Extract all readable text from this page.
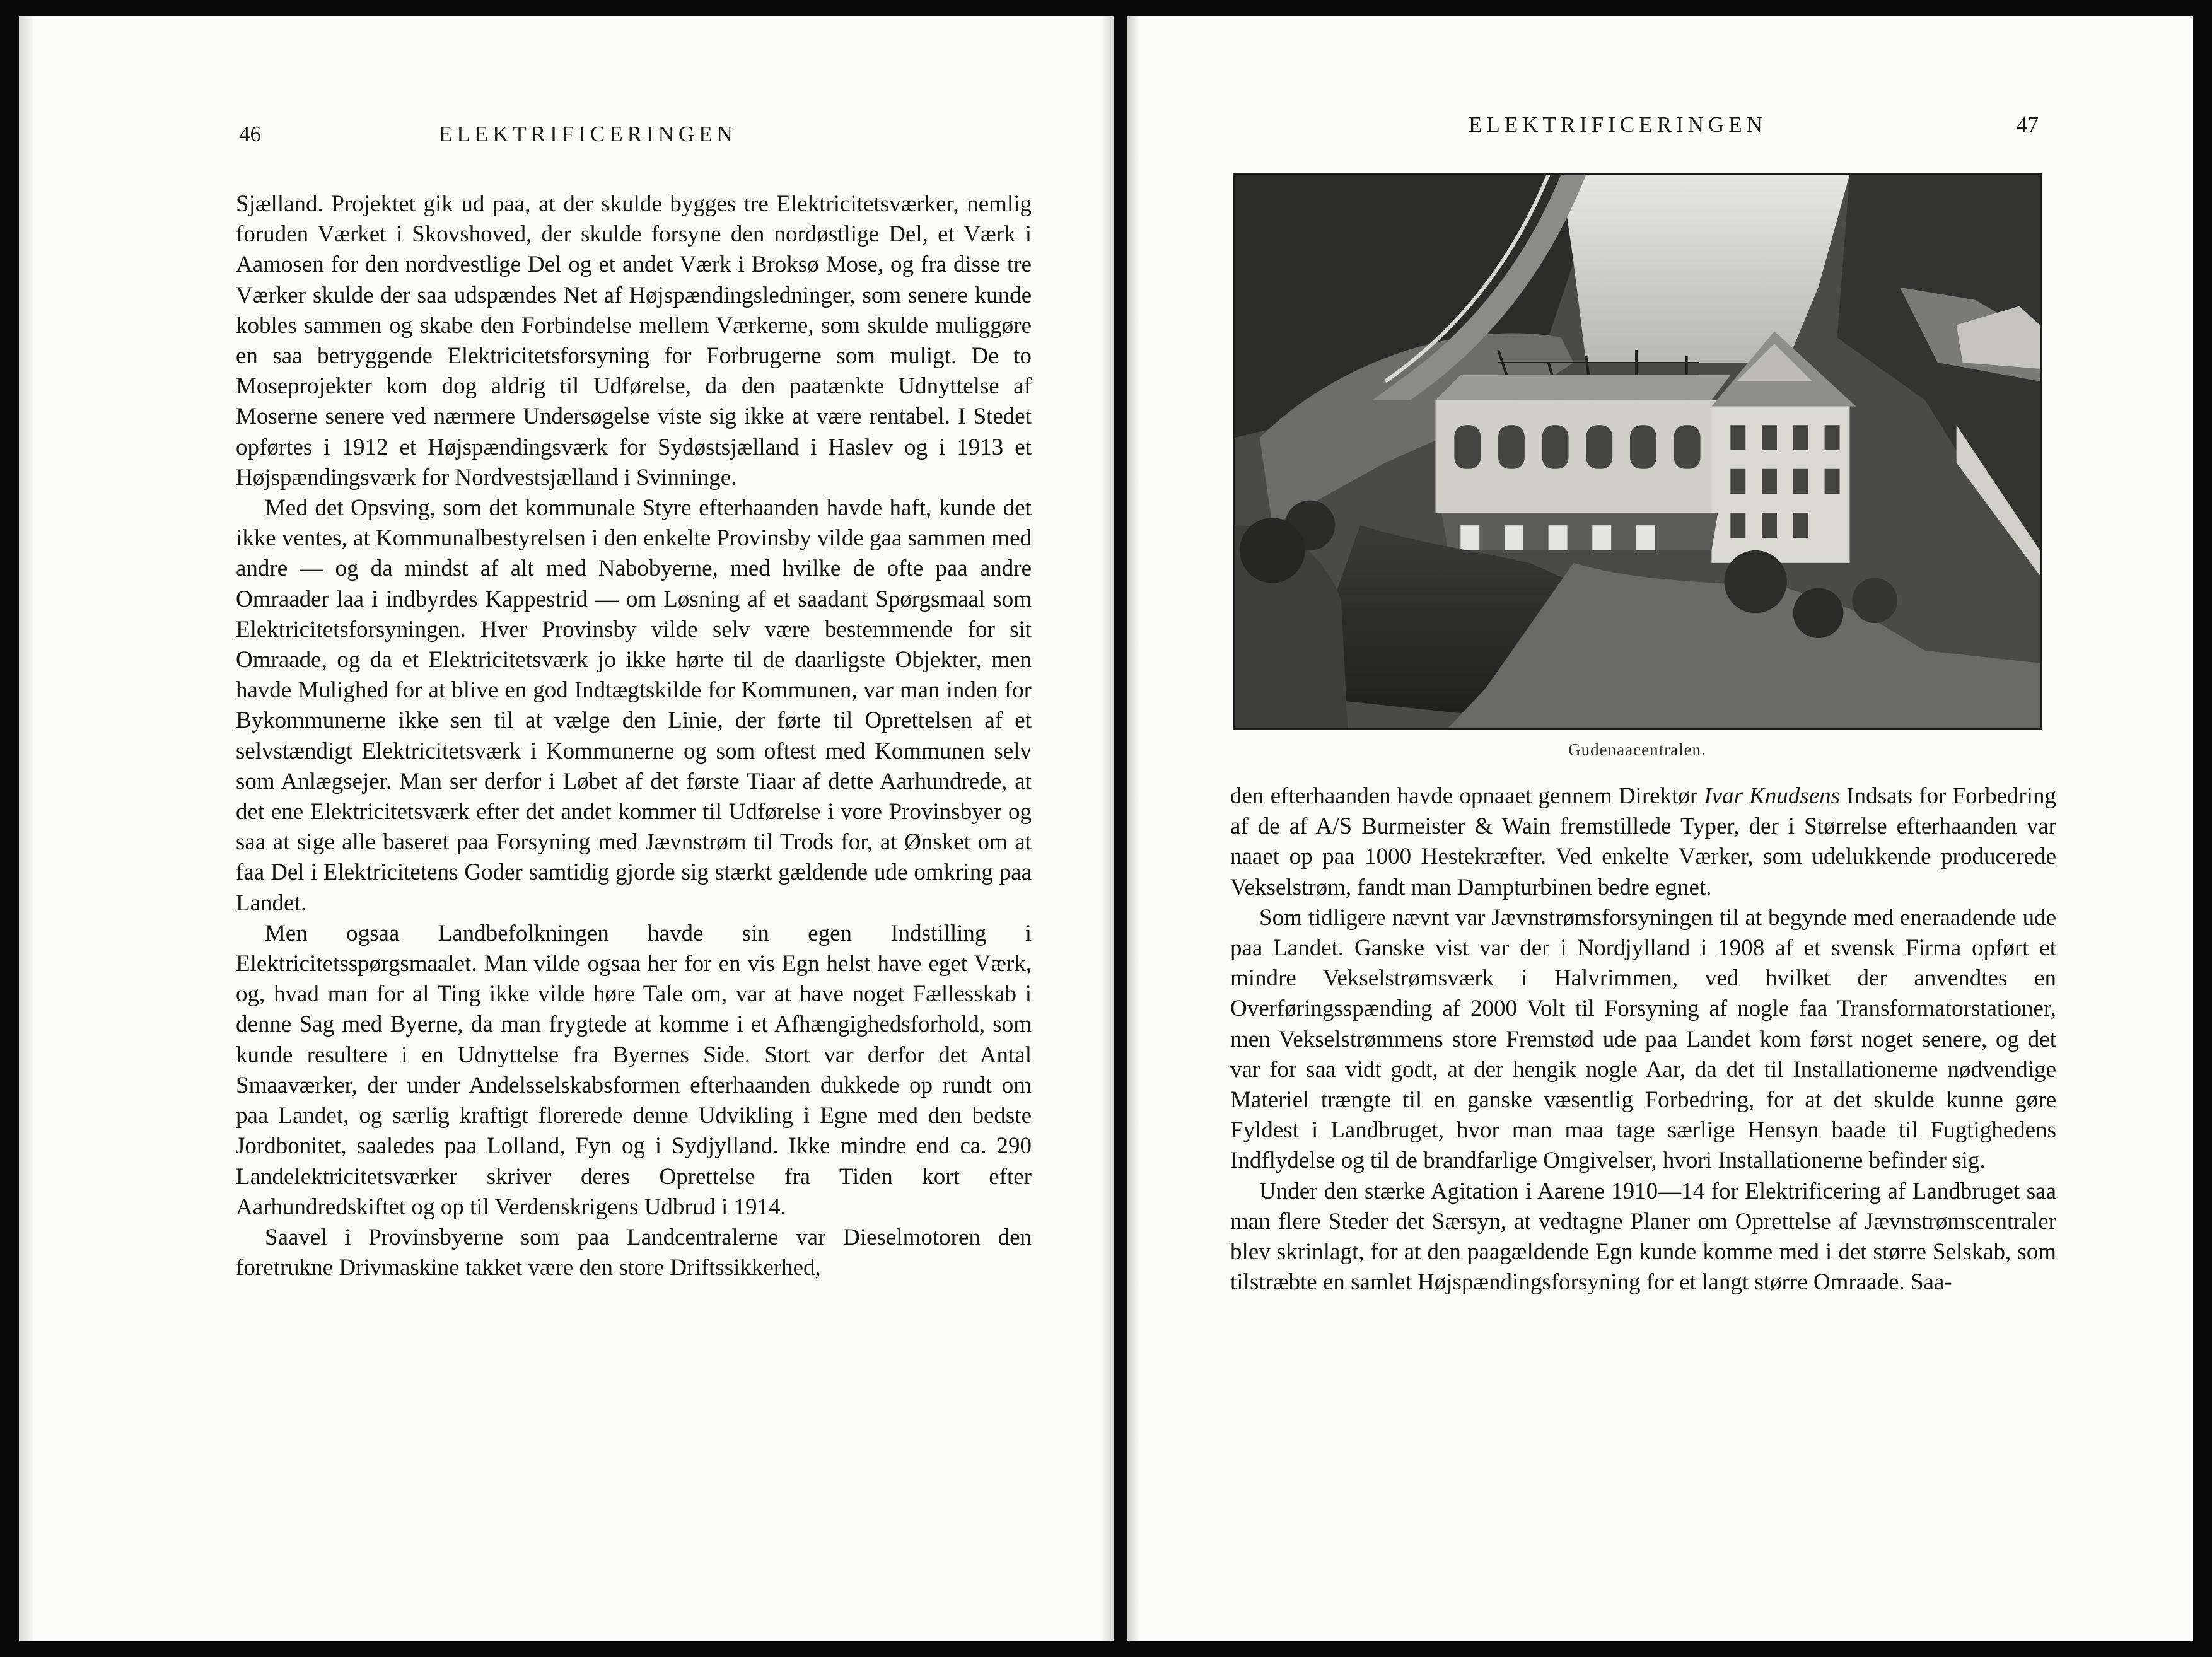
46	ELEKTRIFICERINGEN

Sjælland. Projektet gik ud paa, at der skulde bygges tre Elektricitetsværker, nemlig foruden Værket i Skovshoved, der skulde forsyne den nordøstlige Del, et Værk i Aamosen for den nordvestlige Del og et andet Værk i Broksø Mose, og fra disse tre Værker skulde der saa udspændes Net af Højspændingsledninger, som senere kunde kobles sammen og skabe den Forbindelse mellem Værkerne, som skulde muliggøre en saa betryggende Elektricitetsforsyning for Forbrugerne som muligt. De to Moseprojekter kom dog aldrig til Udførelse, da den paatænkte Udnyttelse af Moserne senere ved nærmere Undersøgelse viste sig ikke at være rentabel. I Stedet opførtes i 1912 et Højspændingsværk for Sydøstsjælland i Haslev og i 1913 et Højspændingsværk for Nordvestsjælland i Svinninge.

Med det Opsving, som det kommunale Styre efterhaanden havde haft, kunde det ikke ventes, at Kommunalbestyrelsen i den enkelte Provinsby vilde gaa sammen med andre — og da mindst af alt med Nabobyerne, med hvilke de ofte paa andre Omraader laa i indbyrdes Kappestrid — om Løsning af et saadant Spørgsmaal som Elektricitetsforsyningen. Hver Provinsby vilde selv være bestemmende for sit Omraade, og da et Elektricitetsværk jo ikke hørte til de daarligste Objekter, men havde Mulighed for at blive en god Indtægtskilde for Kommunen, var man inden for Bykommunerne ikke sen til at vælge den Linie, der førte til Oprettelsen af et selvstændigt Elektricitetsværk i Kommunerne og som oftest med Kommunen selv som Anlægsejer. Man ser derfor i Løbet af det første Tiaar af dette Aarhundrede, at det ene Elektricitetsværk efter det andet kommer til Udførelse i vore Provinsbyer og saa at sige alle baseret paa Forsyning med Jævnstrøm til Trods for, at Ønsket om at faa Del i Elektricitetens Goder samtidig gjorde sig stærkt gældende ude omkring paa Landet.

Men ogsaa Landbefolkningen havde sin egen Indstilling i Elektricitetsspørgsmaalet. Man vilde ogsaa her for en vis Egn helst have eget Værk, og, hvad man for al Ting ikke vilde høre Tale om, var at have noget Fællesskab i denne Sag med Byerne, da man frygtede at komme i et Afhængighedsforhold, som kunde resultere i en Udnyttelse fra Byernes Side. Stort var derfor det Antal Smaaværker, der under Andelsselskabsformen efterhaanden dukkede op rundt om paa Landet, og særlig kraftigt florerede denne Udvikling i Egne med den bedste Jordbonitet, saaledes paa Lolland, Fyn og i Sydjylland. Ikke mindre end ca. 290 Landelektricitetsværker skriver deres Oprettelse fra Tiden kort efter Aarhundredskiftet og op til Verdenskrigens Udbrud i 1914.

Saavel i Provinsbyerne som paa Landcentralerne var Dieselmotoren den foretrukne Drivmaskine takket være den store Driftssikkerhed,

ELEKTRIFICERINGEN	47
Gudenaacentralen.

den efterhaanden havde opnaaet gennem Direktør Ivar Knudsens Indsats for Forbedring af de af A/S Burmeister & Wain fremstillede Typer, der i Størrelse efterhaanden var naaet op paa 1000 Hestekræfter. Ved enkelte Værker, som udelukkende producerede Vekselstrøm, fandt man Dampturbinen bedre egnet.

Som tidligere nævnt var Jævnstrømsforsyningen til at begynde med eneraadende ude paa Landet. Ganske vist var der i Nordjylland i 1908 af et svensk Firma opført et mindre Vekselstrømsværk i Halvrimmen, ved hvilket der anvendtes en Overføringsspænding af 2000 Volt til Forsyning af nogle faa Transformatorstationer, men Vekselstrømmens store Fremstød ude paa Landet kom først noget senere, og det var for saa vidt godt, at der hengik nogle Aar, da det til Installationerne nødvendige Materiel trængte til en ganske væsentlig Forbedring, for at det skulde kunne gøre Fyldest i Landbruget, hvor man maa tage særlige Hensyn baade til Fugtighedens Indflydelse og til de brandfarlige Omgivelser, hvori Installationerne befinder sig.

Under den stærke Agitation i Aarene 1910—14 for Elektrificering af Landbruget saa man flere Steder det Særsyn, at vedtagne Planer om Oprettelse af Jævnstrømscentraler blev skrinlagt, for at den paagældende Egn kunde komme med i det større Selskab, som tilstræbte en samlet Højspændingsforsyning for et langt større Omraade. Saa-
